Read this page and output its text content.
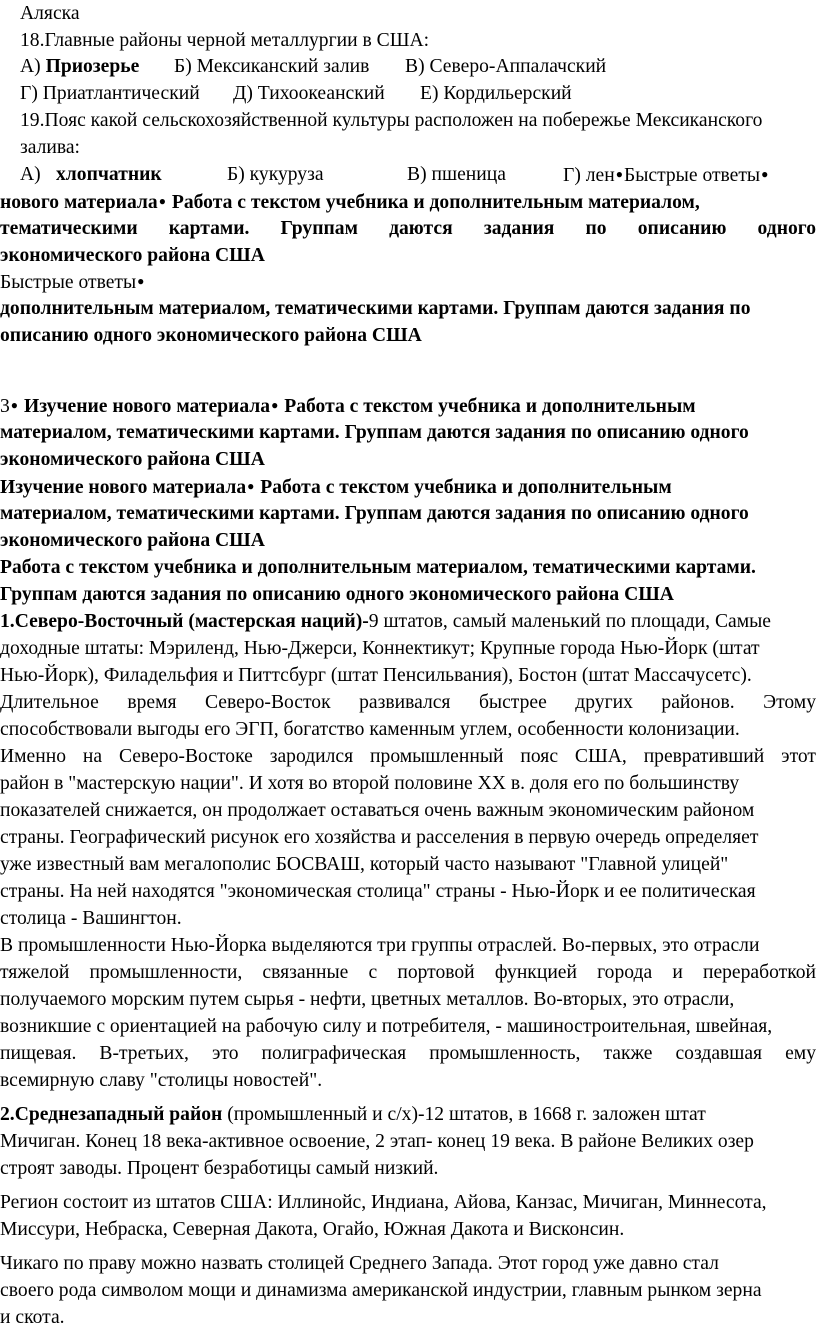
Аляска
18.Главные районы черной металлургии в США:
А) Приозерье Б) Мексиканский залив В) Северо-Аппалачский
Г) Приатлантический Д) Тихоокеанский Е) Кордильерский
19.Пояс какой сельскохозяйственной культуры расположен на побережье Мексиканского
залива:
А) хлопчатник	Б) кукуруза	В) пшеница	Г) лен●Быстрые ответы●
нового материала● Работа с текстом учебника и дополнительным материалом,
тематическими картами. Группам даются задания по описанию одного
экономического района США
Быстрые ответы●
дополнительным материалом, тематическими картами. Группам даются задания по
описанию одного экономического района США
3● Изучение нового материала● Работа с текстом учебника и дополнительным
материалом, тематическими картами. Группам даются задания по описанию одного
экономического района США
Изучение нового материала● Работа с текстом учебника и дополнительным
материалом, тематическими картами. Группам даются задания по описанию одного
экономического района США
Работа с текстом учебника и дополнительным материалом, тематическими картами.
Группам даются задания по описанию одного экономического района США
1.Северо-Восточный (мастерская наций)-9 штатов, самый маленький по площади, Самые
доходные штаты: Мэриленд, Нью-Джерси, Коннектикут; Крупные города Нью-Йорк (штат
Нью-Йорк), Филадельфия и Питтсбург (штат Пенсильвания), Бостон (штат Массачусетс).
Длительное время Северо-Восток развивался быстрее других районов. Этому
способствовали выгоды его ЭГП, богатство каменным углем, особенности колонизации.
Именно на Северо-Востоке зародился промышленный пояс США, превративший этот
район в "мастерскую нации". И хотя во второй половине XX в. доля его по большинству
показателей снижается, он продолжает оставаться очень важным экономическим районом
страны. Географический рисунок его хозяйства и расселения в первую очередь определяет
уже известный вам мегалополис БОСВАШ, который часто называют "Главной улицей"
страны. На ней находятся "экономическая столица" страны - Нью-Йорк и ее политическая
столица - Вашингтон.
В промышленности Нью-Йорка выделяются три группы отраслей. Во-первых, это отрасли
тяжелой промышленности, связанные с портовой функцией города и переработкой
получаемого морским путем сырья - нефти, цветных металлов. Во-вторых, это отрасли,
возникшие с ориентацией на рабочую силу и потребителя, - машиностроительная, швейная,
пищевая. В-третьих, это полиграфическая промышленность, также создавшая ему
всемирную славу "столицы новостей".
2.Среднезападный район (промышленный и с/х)-12 штатов, в 1668 г. заложен штат
Мичиган. Конец 18 века-активное освоение, 2 этап- конец 19 века. В районе Великих озер
строят заводы. Процент безработицы самый низкий.
Регион состоит из штатов США: Иллинойс, Индиана, Айова, Канзас, Мичиган, Миннесота,
Миссури, Небраска, Северная Дакота, Огайо, Южная Дакота и Висконсин.
Чикаго по праву можно назвать столицей Среднего Запада. Этот город уже давно стал
своего рода символом мощи и динамизма американской индустрии, главным рынком зерна
и скота.
